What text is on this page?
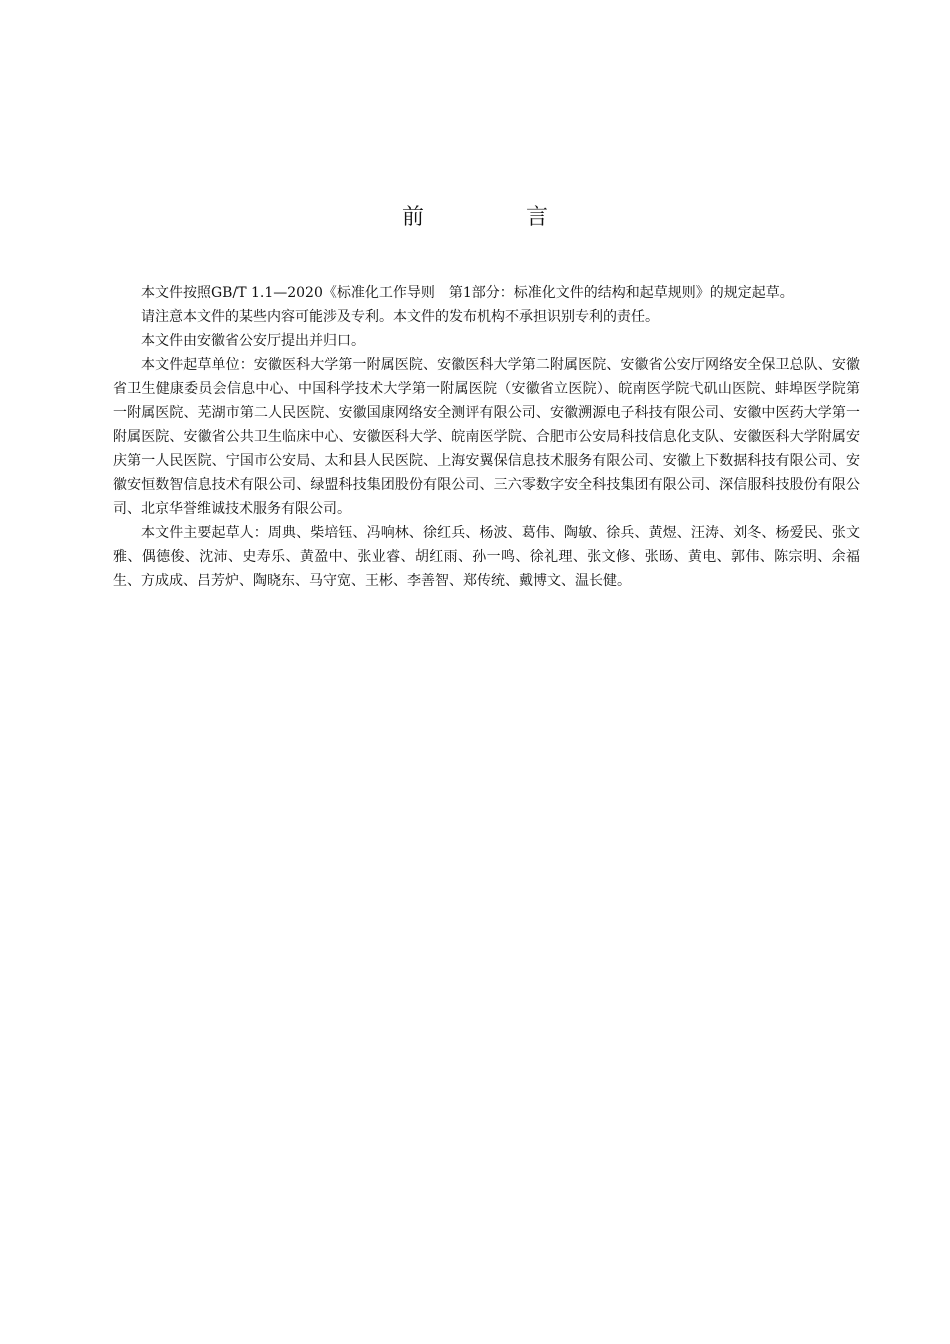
前　言

本文件按照GB/T 1.1—2020《标准化工作导则　第1部分：标准化文件的结构和起草规则》的规定起草。

请注意本文件的某些内容可能涉及专利。本文件的发布机构不承担识别专利的责任。

本文件由安徽省公安厅提出并归口。

本文件起草单位：安徽医科大学第一附属医院、安徽医科大学第二附属医院、安徽省公安厅网络安全保卫总队、安徽省卫生健康委员会信息中心、中国科学技术大学第一附属医院（安徽省立医院）、皖南医学院弋矶山医院、蚌埠医学院第一附属医院、芜湖市第二人民医院、安徽国康网络安全测评有限公司、安徽溯源电子科技有限公司、安徽中医药大学第一附属医院、安徽省公共卫生临床中心、安徽医科大学、皖南医学院、合肥市公安局科技信息化支队、安徽医科大学附属安庆第一人民医院、宁国市公安局、太和县人民医院、上海安翼保信息技术服务有限公司、安徽上下数据科技有限公司、安徽安恒数智信息技术有限公司、绿盟科技集团股份有限公司、三六零数字安全科技集团有限公司、深信服科技股份有限公司、北京华誉维诚技术服务有限公司。

本文件主要起草人：周典、柴培钰、冯响林、徐红兵、杨波、葛伟、陶敏、徐兵、黄煜、汪涛、刘冬、杨爱民、张文雅、偶德俊、沈沛、史寿乐、黄盈中、张业睿、胡红雨、孙一鸣、徐礼理、张文修、张旸、黄电、郭伟、陈宗明、余福生、方成成、吕芳炉、陶晓东、马守宽、王彬、李善智、郑传统、戴博文、温长健。
